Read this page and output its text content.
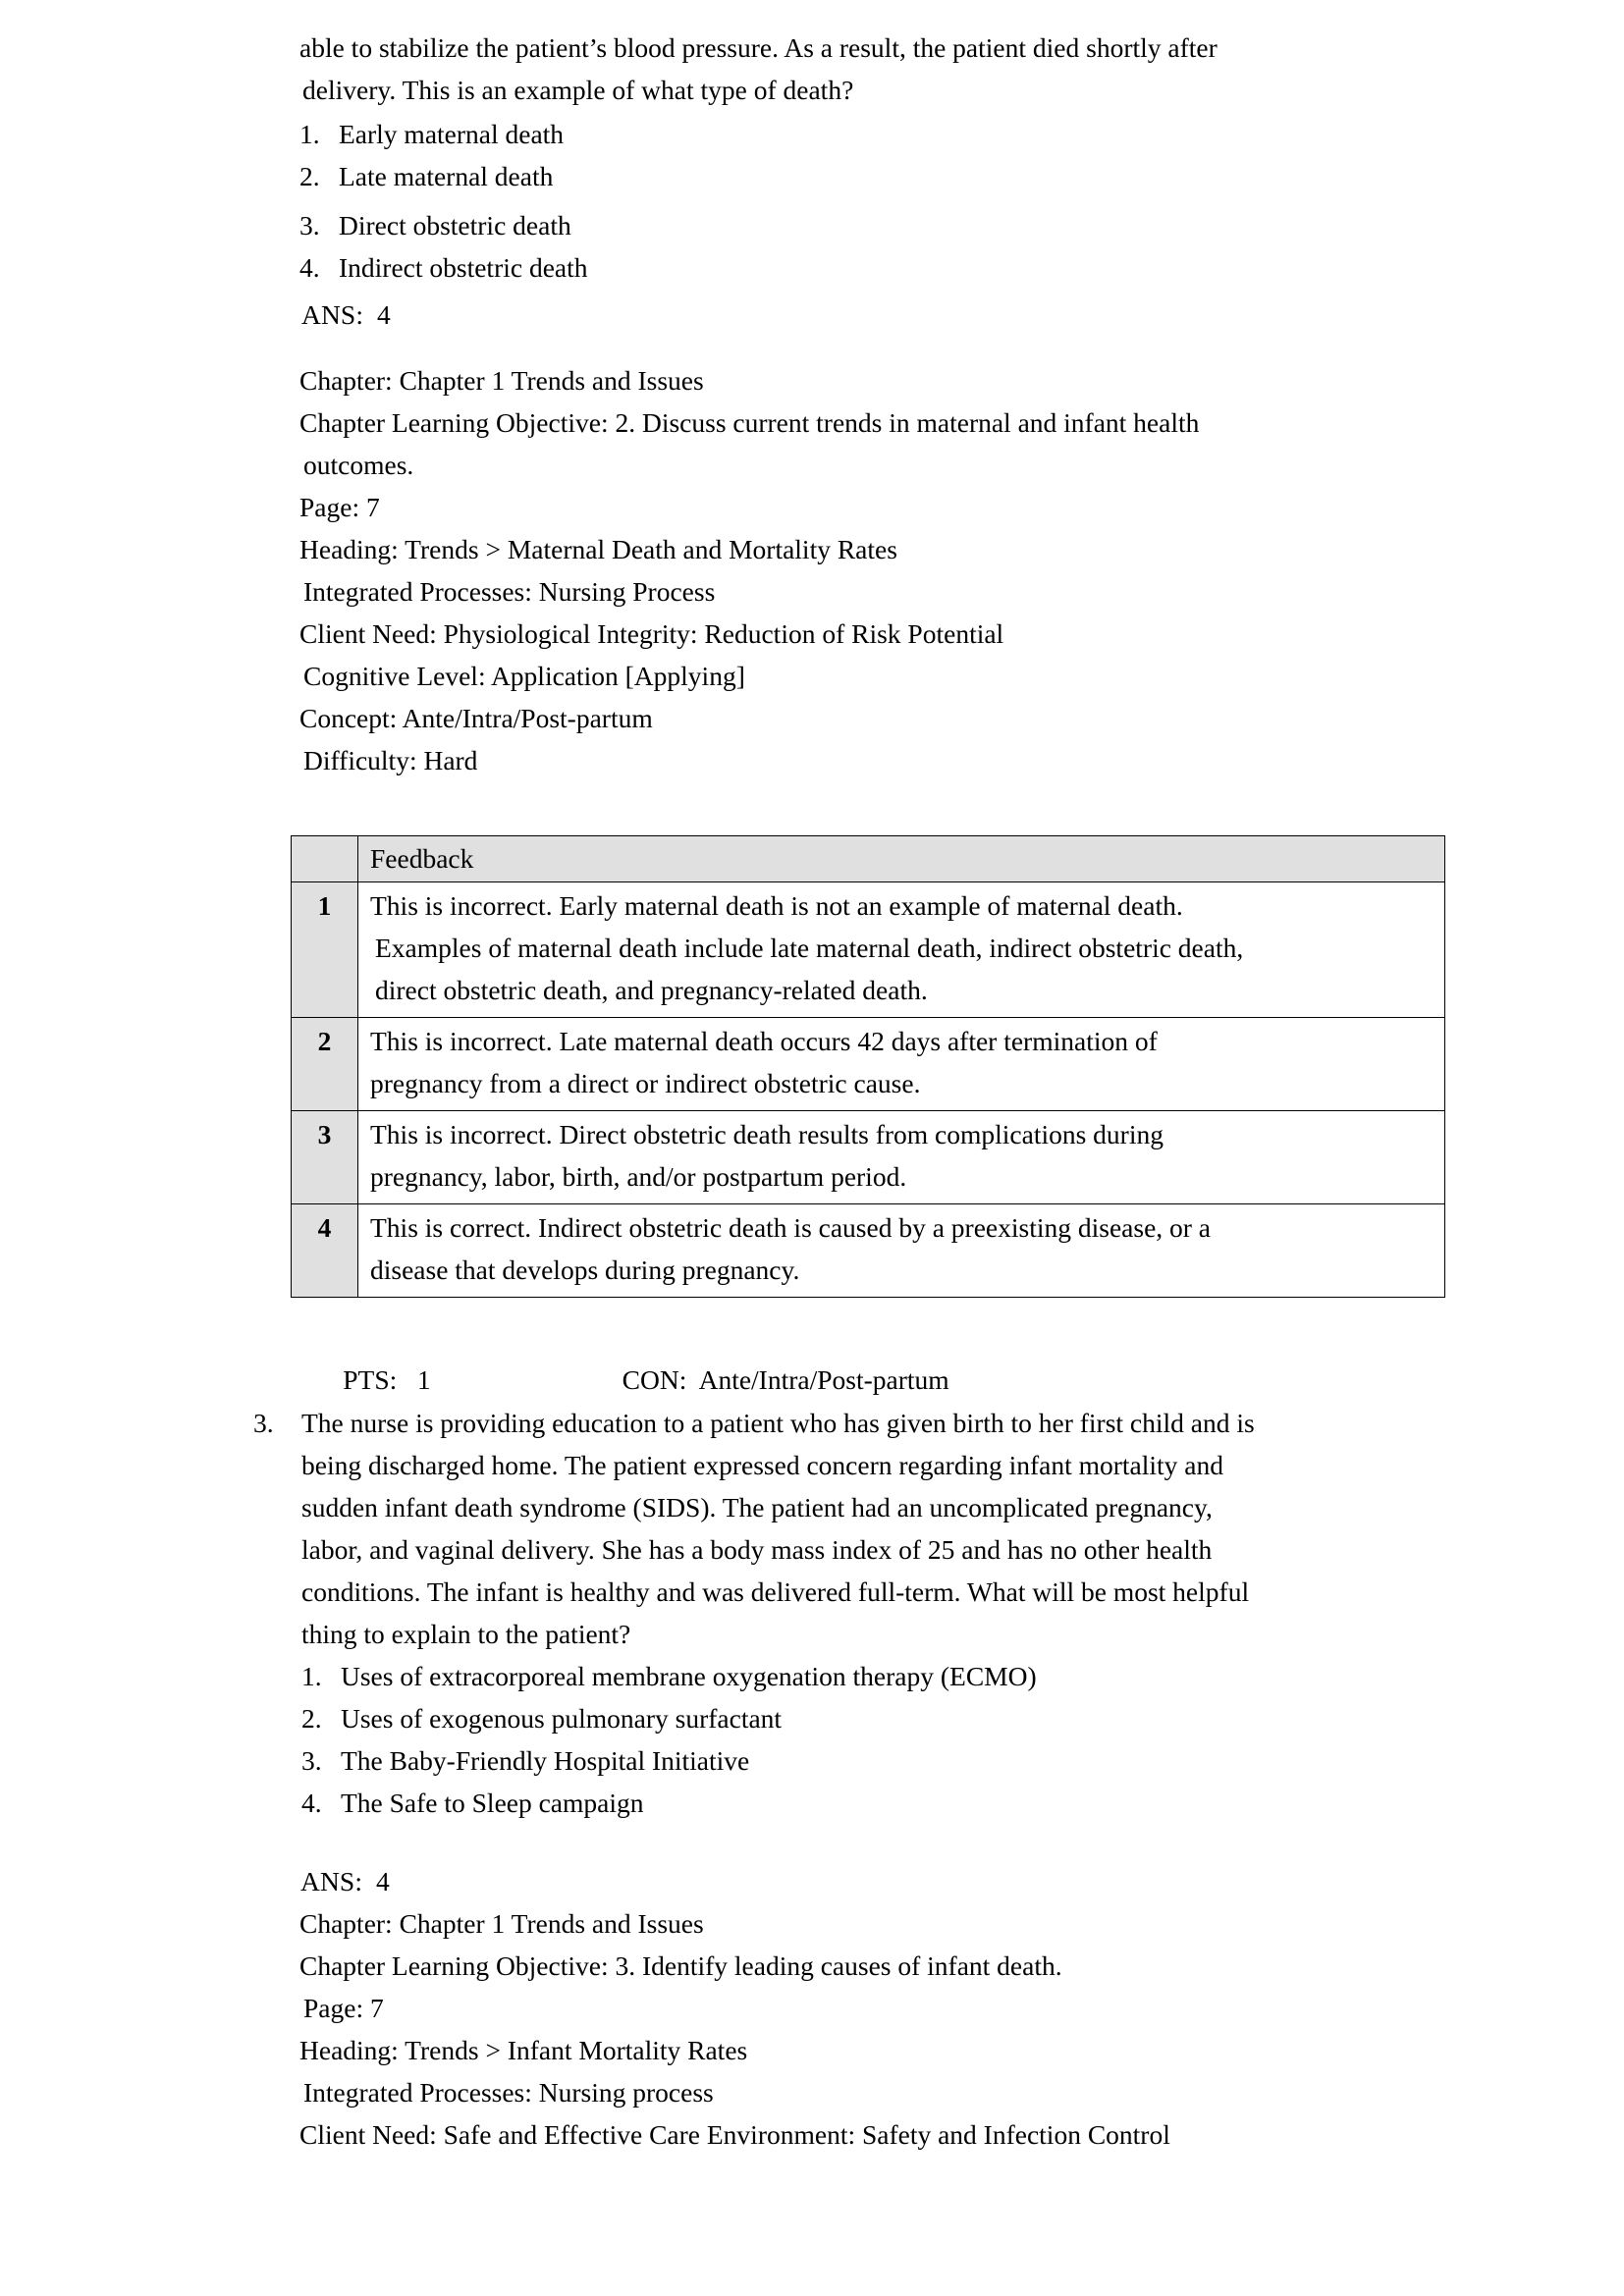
able to stabilize the patient’s blood pressure. As a result, the patient died shortly after
delivery. This is an example of what type of death?
1. Early maternal death
2. Late maternal death
3. Direct obstetric death
4. Indirect obstetric death
ANS:  4
Chapter: Chapter 1 Trends and Issues
Chapter Learning Objective: 2. Discuss current trends in maternal and infant health
outcomes.
Page: 7
Heading: Trends > Maternal Death and Mortality Rates
Integrated Processes: Nursing Process
Client Need: Physiological Integrity: Reduction of Risk Potential
Cognitive Level: Application [Applying]
Concept: Ante/Intra/Post-partum
Difficulty: Hard
	Feedback
1	This is incorrect. Early maternal death is not an example of maternal death.
Examples of maternal death include late maternal death, indirect obstetric death,
direct obstetric death, and pregnancy-related death.

2	This is incorrect. Late maternal death occurs 42 days after termination of
pregnancy from a direct or indirect obstetric cause.

3	This is incorrect. Direct obstetric death results from complications during
pregnancy, labor, birth, and/or postpartum period.

4	This is correct. Indirect obstetric death is caused by a preexisting disease, or a
disease that develops during pregnancy.

PTS:   1	CON:  Ante/Intra/Post-partum

3.	The nurse is providing education to a patient who has given birth to her first child and is
being discharged home. The patient expressed concern regarding infant mortality and
sudden infant death syndrome (SIDS). The patient had an uncomplicated pregnancy,
labor, and vaginal delivery. She has a body mass index of 25 and has no other health
conditions. The infant is healthy and was delivered full-term. What will be most helpful
thing to explain to the patient?
1. Uses of extracorporeal membrane oxygenation therapy (ECMO)
2. Uses of exogenous pulmonary surfactant
3. The Baby-Friendly Hospital Initiative
4. The Safe to Sleep campaign
ANS:  4
Chapter: Chapter 1 Trends and Issues
Chapter Learning Objective: 3. Identify leading causes of infant death.
Page: 7
Heading: Trends > Infant Mortality Rates
Integrated Processes: Nursing process
Client Need: Safe and Effective Care Environment: Safety and Infection Control
